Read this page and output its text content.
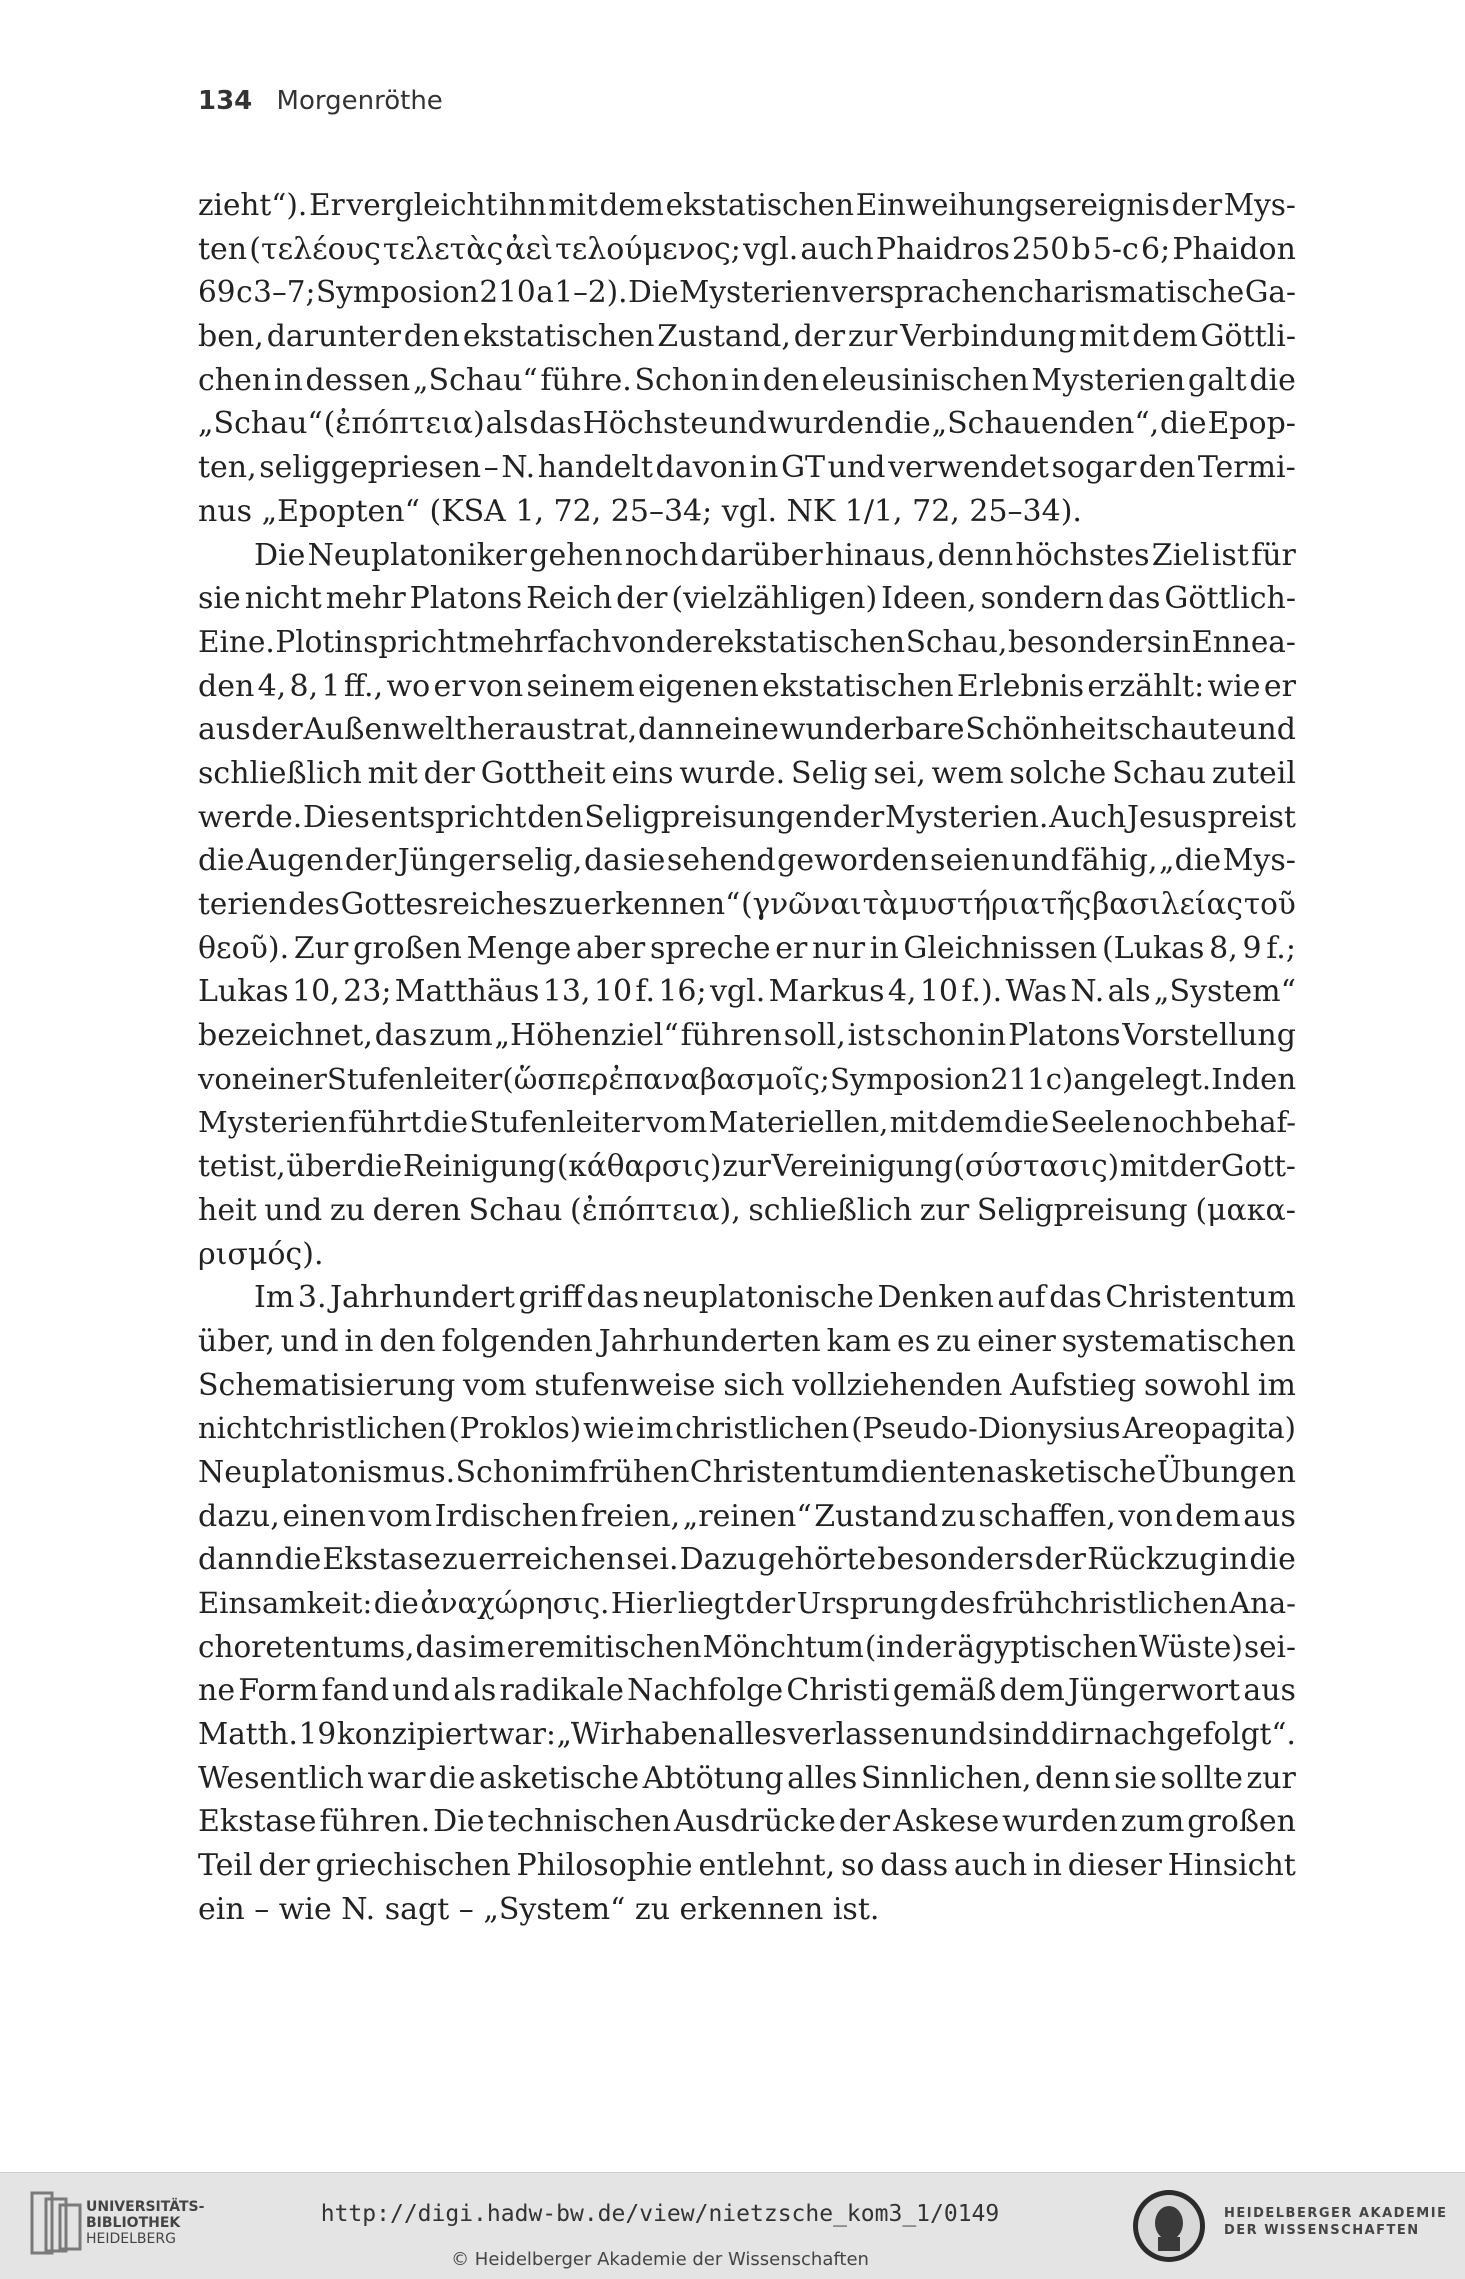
134 Morgenröthe
zieht“). Er vergleicht ihn mit dem ekstatischen Einweihungsereignis der Mys-
ten (τελέους τελετὰς ἀεὶ τελούμενος; vgl. auch Phaidros 250 b 5-c 6; Phaidon
69 c 3–7; Symposion 210 a 1–2). Die Mysterien versprachen charismatische Ga-
ben, darunter den ekstatischen Zustand, der zur Verbindung mit dem Göttli-
chen in dessen „Schau“ führe. Schon in den eleusinischen Mysterien galt die
„Schau“ (ἐπόπτεια) als das Höchste und wurden die „Schauenden“, die Epop-
ten, seliggepriesen – N. handelt davon in GT und verwendet sogar den Termi-
nus „Epopten“ (KSA 1, 72, 25–34; vgl. NK 1/1, 72, 25–34).
Die Neuplatoniker gehen noch darüber hinaus, denn höchstes Ziel ist für
sie nicht mehr Platons Reich der (vielzähligen) Ideen, sondern das Göttlich-
Eine. Plotin spricht mehrfach von der ekstatischen Schau, besonders in Ennea-
den 4, 8, 1 ff., wo er von seinem eigenen ekstatischen Erlebnis erzählt: wie er
aus der Außenwelt heraustrat, dann eine wunderbare Schönheit schaute und
schließlich mit der Gottheit eins wurde. Selig sei, wem solche Schau zuteil
werde. Dies entspricht den Seligpreisungen der Mysterien. Auch Jesus preist
die Augen der Jünger selig, da sie sehend geworden seien und fähig, „die Mys-
terien des Gottesreiches zu erkennen“ (γνῶναι τὰ μυστήρια τῆς βασιλείας τοῦ
θεοῦ). Zur großen Menge aber spreche er nur in Gleichnissen (Lukas 8, 9 f.;
Lukas 10, 23; Matthäus 13, 10 f. 16; vgl. Markus 4, 10 f.). Was N. als „System“
bezeichnet, das zum „Höhenziel“ führen soll, ist schon in Platons Vorstellung
von einer Stufenleiter (ὥσπερ ἐπαναβασμοῖς; Symposion 211 c) angelegt. In den
Mysterien führt die Stufenleiter vom Materiellen, mit dem die Seele noch behaf-
tet ist, über die Reinigung (κάθαρσις) zur Vereinigung (σύστασις) mit der Gott-
heit und zu deren Schau (ἐπόπτεια), schließlich zur Seligpreisung (μακα-
ρισμός).
Im 3. Jahrhundert griff das neuplatonische Denken auf das Christentum
über, und in den folgenden Jahrhunderten kam es zu einer systematischen
Schematisierung vom stufenweise sich vollziehenden Aufstieg sowohl im
nichtchristlichen (Proklos) wie im christlichen (Pseudo-Dionysius Areopagita)
Neuplatonismus. Schon im frühen Christentum dienten asketische Übungen
dazu, einen vom Irdischen freien, „reinen“ Zustand zu schaffen, von dem aus
dann die Ekstase zu erreichen sei. Dazu gehörte besonders der Rückzug in die
Einsamkeit: die ἀναχώρησις. Hier liegt der Ursprung des frühchristlichen Ana-
choretentums, das im eremitischen Mönchtum (in der ägyptischen Wüste) sei-
ne Form fand und als radikale Nachfolge Christi gemäß dem Jüngerwort aus
Matth. 19 konzipiert war: „Wir haben alles verlassen und sind dir nachgefolgt“.
Wesentlich war die asketische Abtötung alles Sinnlichen, denn sie sollte zur
Ekstase führen. Die technischen Ausdrücke der Askese wurden zum großen
Teil der griechischen Philosophie entlehnt, so dass auch in dieser Hinsicht
ein – wie N. sagt – „System“ zu erkennen ist.
UNIVERSITÄTS-
BIBLIOTHEK
HEIDELBERG
http://digi.hadw-bw.de/view/nietzsche_kom3_1/0149
© Heidelberger Akademie der Wissenschaften
HEIDELBERGER AKADEMIE
DER WISSENSCHAFTEN
